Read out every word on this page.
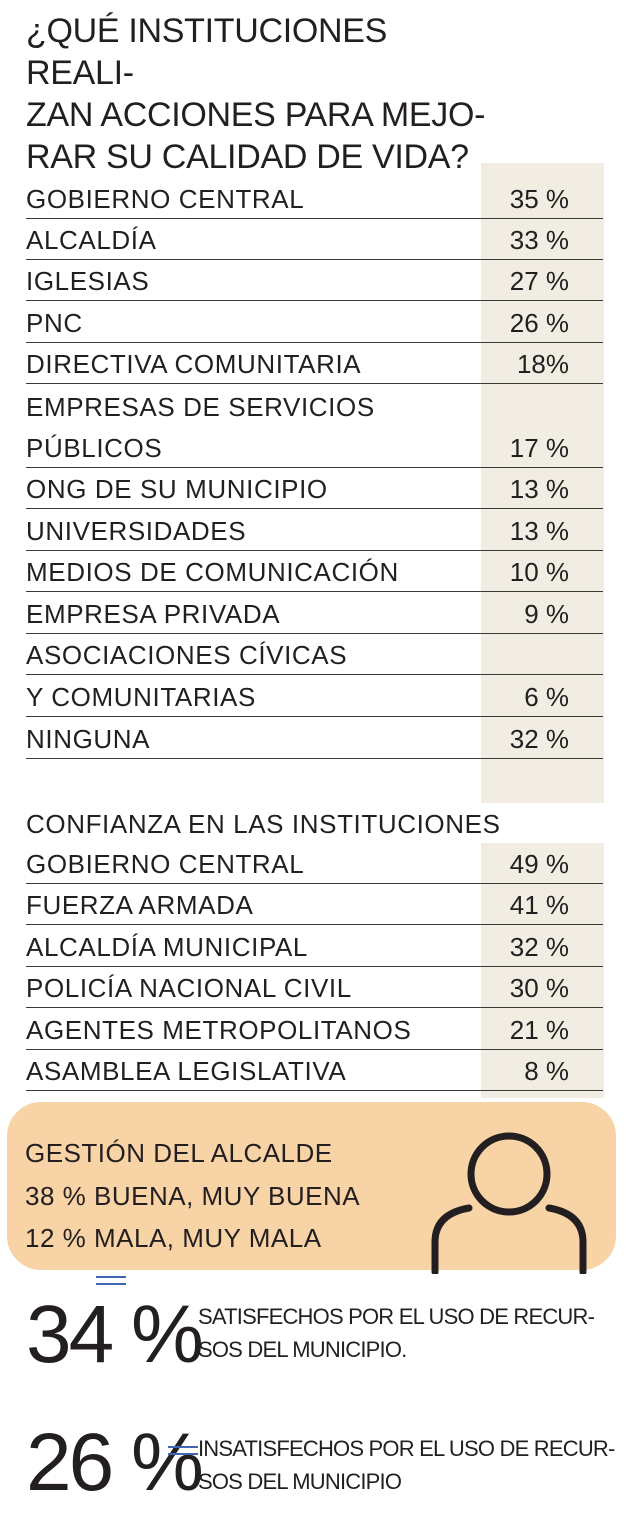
¿QUÉ INSTITUCIONES REALI-
ZAN ACCIONES PARA MEJO-
RAR SU CALIDAD DE VIDA?
GOBIERNO CENTRAL	35 %
ALCALDÍA	33 %
IGLESIAS	27 %
PNC	26 %
DIRECTIVA COMUNITARIA	18%
EMPRESAS DE SERVICIOS
PÚBLICOS	17 %
ONG DE SU MUNICIPIO	13 %
UNIVERSIDADES	13 %
MEDIOS DE COMUNICACIÓN	10 %
EMPRESA PRIVADA	9 %
ASOCIACIONES CÍVICAS
Y COMUNITARIAS	6 %
NINGUNA	32 %
CONFIANZA EN LAS INSTITUCIONES
GOBIERNO CENTRAL	49 %
FUERZA ARMADA	41 %
ALCALDÍA MUNICIPAL	32 %
POLICÍA NACIONAL CIVIL	30 %
AGENTES METROPOLITANOS	21 %
ASAMBLEA LEGISLATIVA	8 %
GESTIÓN DEL ALCALDE
38 % BUENA, MUY BUENA
12 % MALA, MUY MALA
34 %
SATISFECHOS POR EL USO DE RECUR-
SOS DEL MUNICIPIO.
26 %
INSATISFECHOS POR EL USO DE RECUR-
SOS DEL MUNICIPIO
